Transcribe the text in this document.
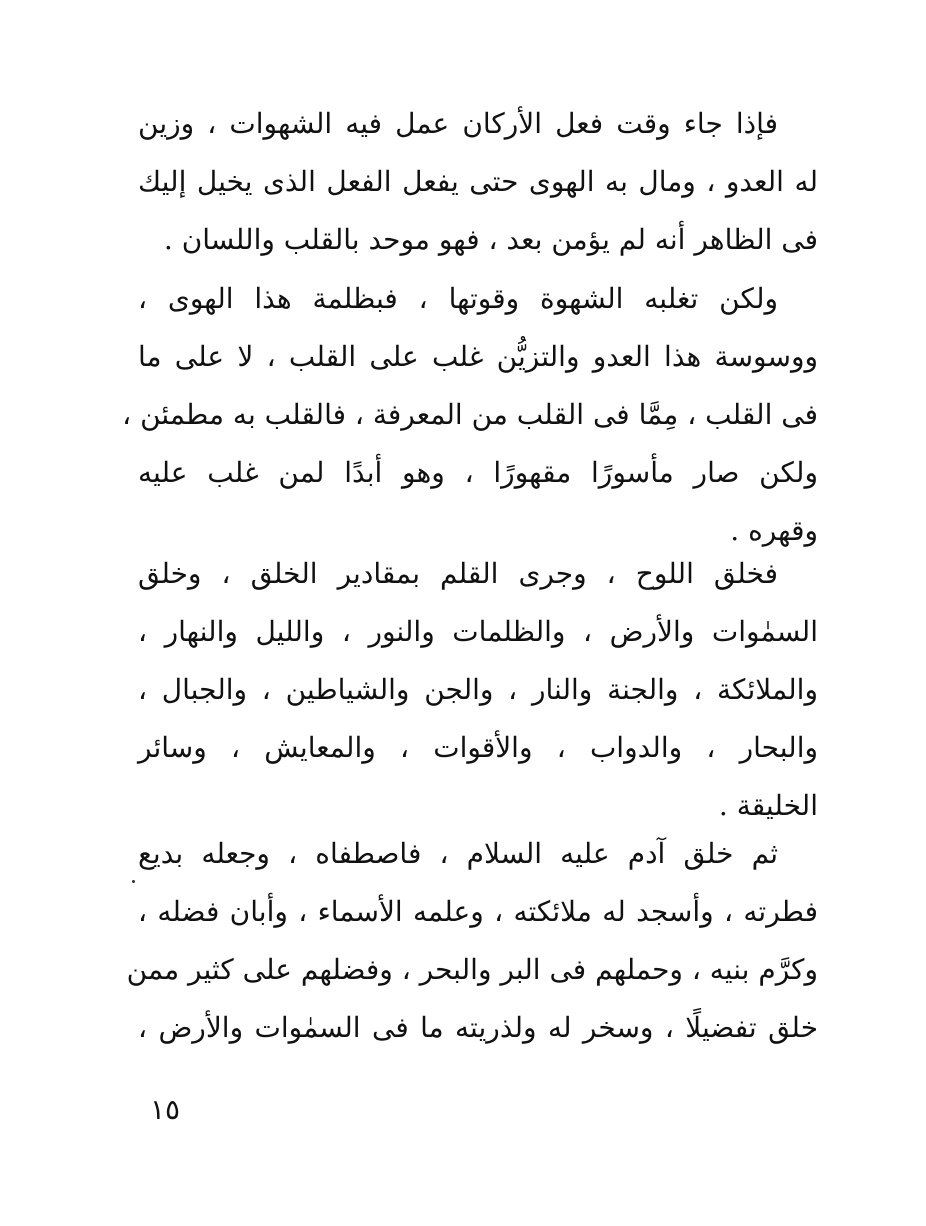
فإذا جاء وقت فعل الأركان عمل فيه الشهوات ، وزين
له العدو ، ومال به الهوى حتى يفعل الفعل الذى يخيل إليك
فى الظاهر أنه لم يؤمن بعد ، فهو موحد بالقلب واللسان .
ولكن تغلبه الشهوة وقوتها ، فبظلمة هذا الهوى ،
ووسوسة هذا العدو والتزيُّن غلب على القلب ، لا على ما
فى القلب ، مِمَّا فى القلب من المعرفة ، فالقلب به مطمئن ،
ولكن صار مأسورًا مقهورًا ، وهو أبدًا لمن غلب عليه
وقهره .
فخلق اللوح ، وجرى القلم بمقادير الخلق ، وخلق
السمٰوات والأرض ، والظلمات والنور ، والليل والنهار ،
والملائكة ، والجنة والنار ، والجن والشياطين ، والجبال ،
والبحار ، والدواب ، والأقوات ، والمعايش ، وسائر
الخليقة .
ثم خلق آدم عليه السلام ، فاصطفاه ، وجعله بديع
فطرته ، وأسجد له ملائكته ، وعلمه الأسماء ، وأبان فضله ،
وكرَّم بنيه ، وحملهم فى البر والبحر ، وفضلهم على كثير ممن
خلق تفضيلًا ، وسخر له ولذريته ما فى السمٰوات والأرض ،
١٥
